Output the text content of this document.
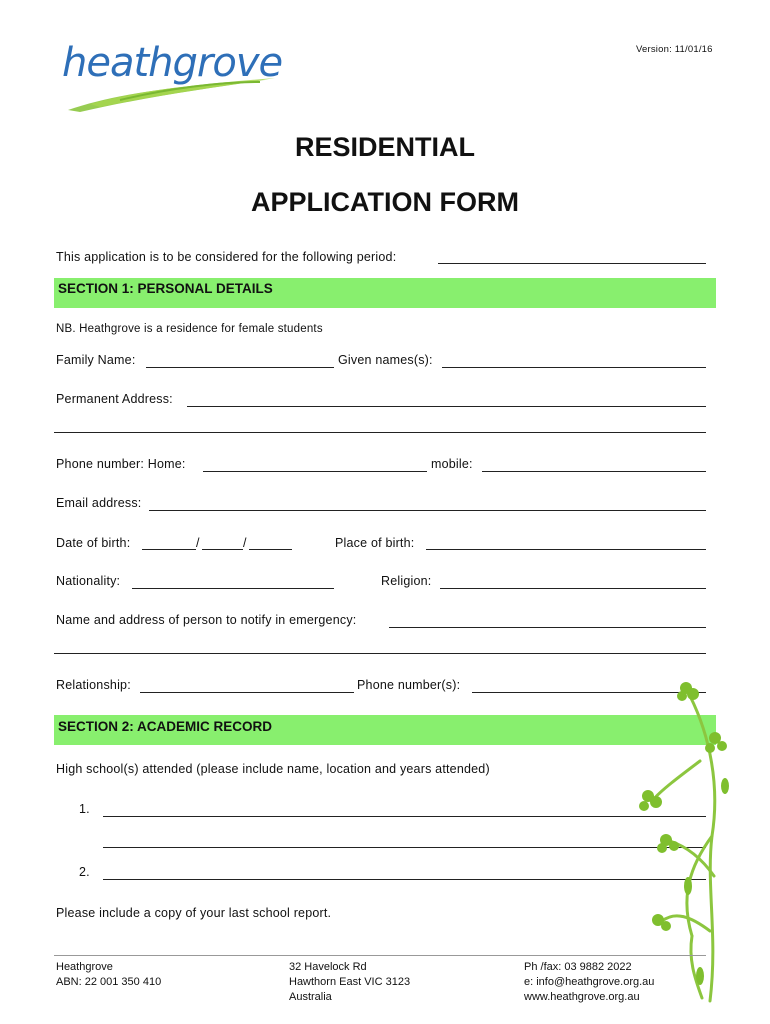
heathgrove	Version: 11/01/16
RESIDENTIAL
APPLICATION FORM
This application is to be considered for the following period:
SECTION 1: PERSONAL DETAILS
NB. Heathgrove is a residence for female students
Family Name:	Given names(s):
Permanent Address:
Phone number: Home:	mobile:
Email address:
Date of birth:	/	/	Place of birth:
Nationality:	Religion:
Name and address of person to notify in emergency:
Relationship:	Phone number(s):
SECTION 2: ACADEMIC RECORD
High school(s) attended (please include name, location and years attended)
1.
2.
Please include a copy of your last school report.
Heathgrove
ABN: 22 001 350 410
32 Havelock Rd
Hawthorn East VIC 3123
Australia
Ph /fax: 03 9882 2022
e: info@heathgrove.org.au
www.heathgrove.org.au
